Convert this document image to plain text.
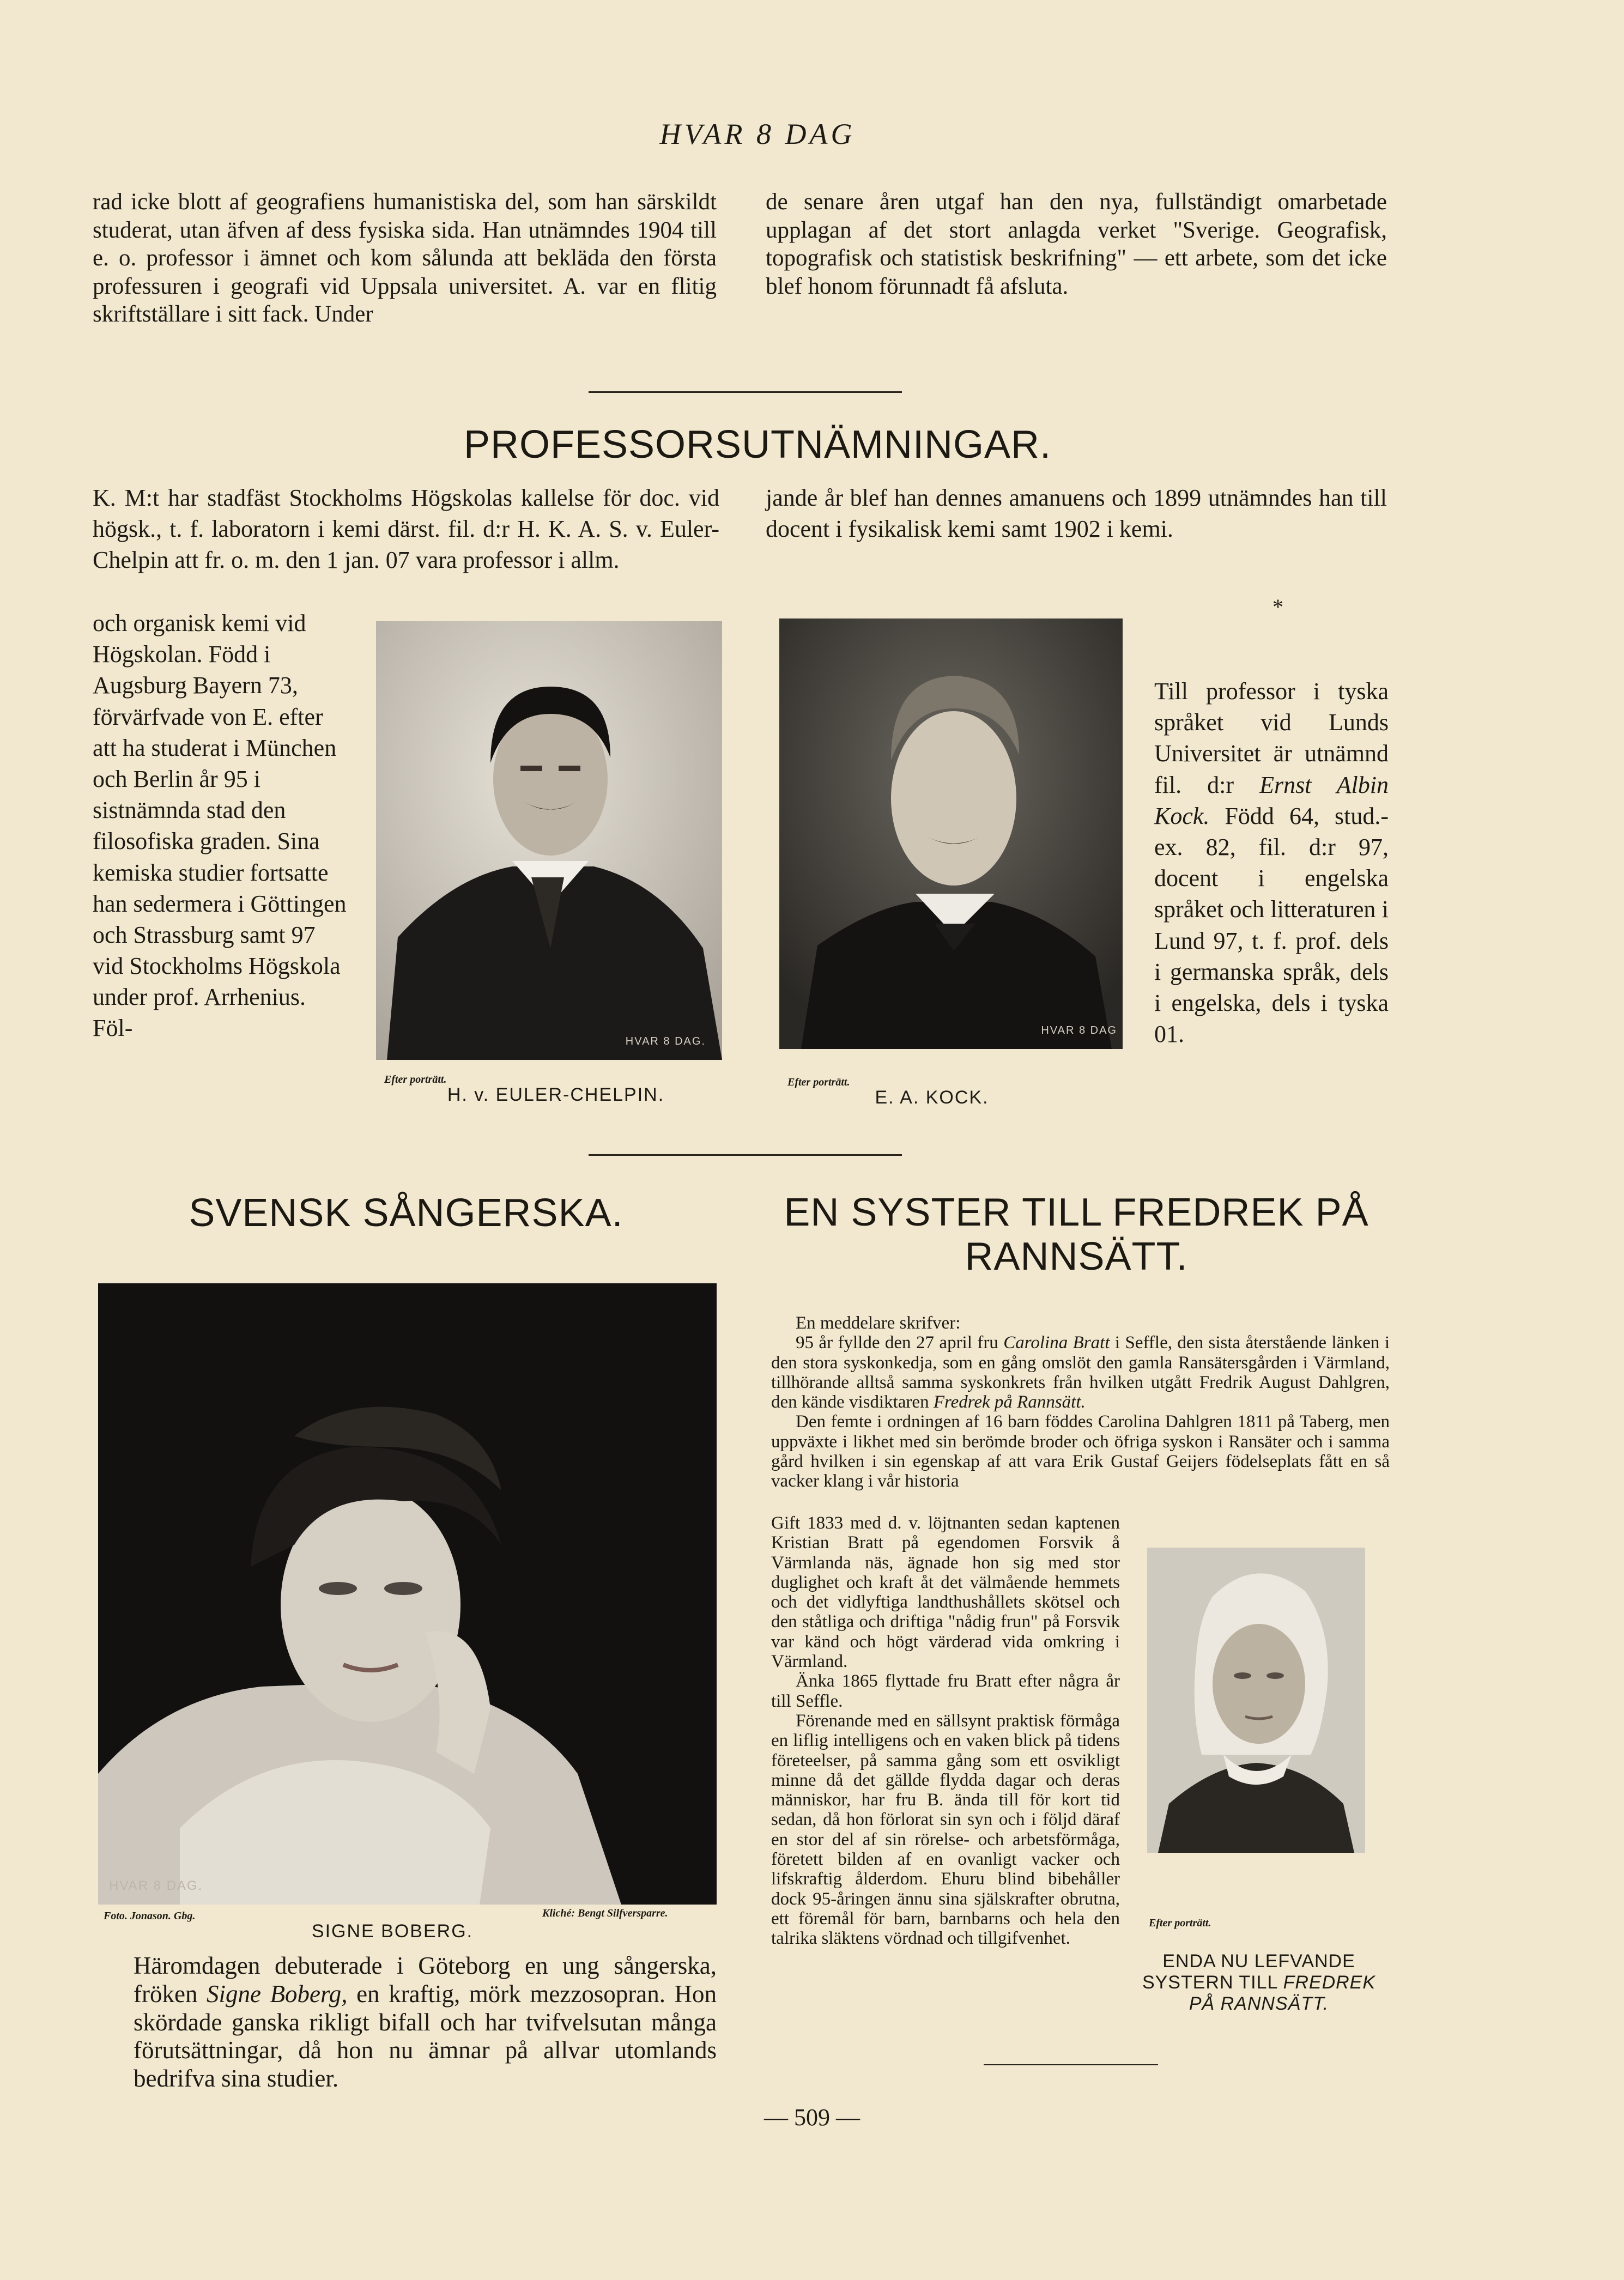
HVAR 8 DAG
rad icke blott af geografiens humanistiska del, som han särskildt studerat, utan äfven af dess fysiska sida. Han utnämndes 1904 till e. o. professor i ämnet och kom sålunda att bekläda den första professuren i geografi vid Uppsala universitet. A. var en flitig skriftställare i sitt fack. Under
de senare åren utgaf han den nya, fullständigt omarbetade upplagan af det stort anlagda verket "Sverige. Geografisk, topografisk och statistisk beskrifning" — ett arbete, som det icke blef honom förunnadt få afsluta.
PROFESSORSUTNÄMNINGAR.
K. M:t har stadfäst Stockholms Högskolas kallelse för doc. vid högsk., t. f. laboratorn i kemi därst. fil. d:r H. K. A. S. v. Euler-Chelpin att fr. o. m. den 1 jan. 07 vara professor i allm.
och organisk kemi vid Högskolan. Född i Augsburg Bayern 73, förvärfvade von E. efter att ha studerat i München och Berlin år 95 i sistnämnda stad den filosofiska graden. Sina kemiska studier fortsatte han sedermera i Göttingen och Strassburg samt 97 vid Stockholms Högskola under prof. Arrhenius. Föl-
jande år blef han dennes amanuens och 1899 utnämndes han till docent i fysikalisk kemi samt 1902 i kemi.
*
HVAR 8 DAG.
Efter porträtt.
H. v. EULER-CHELPIN.
HVAR 8 DAG
Efter porträtt.
E. A. KOCK.
Till professor i tyska språket vid Lunds Universitet är utnämnd fil. d:r Ernst Albin Kock. Född 64, stud.-ex. 82, fil. d:r 97, docent i engelska språket och litteraturen i Lund 97, t. f. prof. dels i germanska språk, dels i engelska, dels i tyska 01.
SVENSK SÅNGERSKA.
HVAR 8 DAG.
Foto. Jonason. Gbg.	Kliché: Bengt Silfversparre.
SIGNE BOBERG.
Häromdagen debuterade i Göteborg en ung sångerska, fröken Signe Boberg, en kraftig, mörk mezzosopran. Hon skördade ganska rikligt bifall och har tvifvelsutan många förutsättningar, då hon nu ämnar på allvar utomlands bedrifva sina studier.
EN SYSTER TILL FREDREK PÅ RANNSÄTT.

En meddelare skrifver:

95 år fyllde den 27 april fru Carolina Bratt i Seffle, den sista återstående länken i den stora syskonkedja, som en gång omslöt den gamla Ransätersgården i Värmland, tillhörande alltså samma syskonkrets från hvilken utgått Fredrik August Dahlgren, den kände visdiktaren Fredrek på Rannsätt.

Den femte i ordningen af 16 barn föddes Carolina Dahlgren 1811 på Taberg, men uppväxte i likhet med sin berömde broder och öfriga syskon i Ransäter och i samma gård hvilken i sin egenskap af att vara Erik Gustaf Geijers födelseplats fått en så vacker klang i vår historia

Gift 1833 med d. v. löjtnanten sedan kaptenen Kristian Bratt på egendomen Forsvik å Värmlanda näs, ägnade hon sig med stor duglighet och kraft åt det välmående hemmets och det vidlyftiga landthushållets skötsel och den ståtliga och driftiga "nådig frun" på Forsvik var känd och högt värderad vida omkring i Värmland.

Änka 1865 flyttade fru Bratt efter några år till Seffle.

Förenande med en sällsynt praktisk förmåga en liflig intelligens och en vaken blick på tidens företeelser, på samma gång som ett osvikligt minne då det gällde flydda dagar och deras människor, har fru B. ända till för kort tid sedan, då hon förlorat sin syn och i följd däraf en stor del af sin rörelse- och arbetsförmåga, företett bilden af en ovanligt vacker och lifskraftig ålderdom. Ehuru blind bibehåller dock 95-åringen ännu sina själskrafter obrutna, ett föremål för barn, barnbarns och hela den talrika släktens vördnad och tillgifvenhet.

Efter porträtt.
ENDA NU LEFVANDE SYSTERN TILL FREDREK PÅ RANNSÄTT.
— 509 —
